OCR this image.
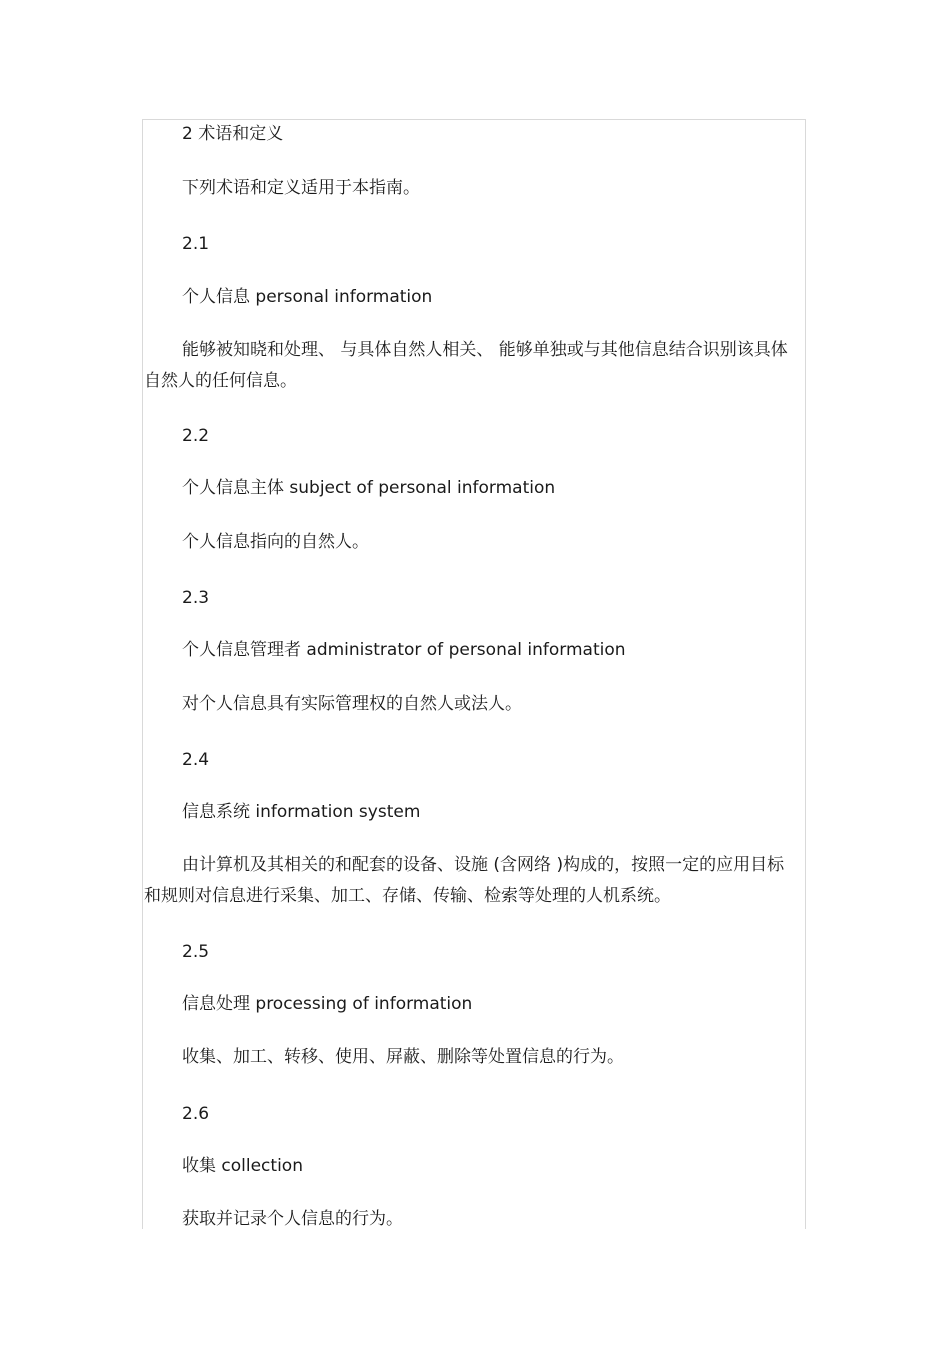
2 术语和定义
下列术语和定义适用于本指南。
2.1
个人信息 personal information
能够被知晓和处理、 与具体自然人相关、 能够单独或与其他信息结合识别该具体自然人的任何信息。
2.2
个人信息主体 subject of personal information
个人信息指向的自然人。
2.3
个人信息管理者 administrator of personal information
对个人信息具有实际管理权的自然人或法人。
2.4
信息系统 information system
由计算机及其相关的和配套的设备、设施 (含网络 )构成的，按照一定的应用目标和规则对信息进行采集、加工、存储、传输、检索等处理的人机系统。
2.5
信息处理 processing of information
收集、加工、转移、使用、屏蔽、删除等处置信息的行为。
2.6
收集 collection
获取并记录个人信息的行为。
